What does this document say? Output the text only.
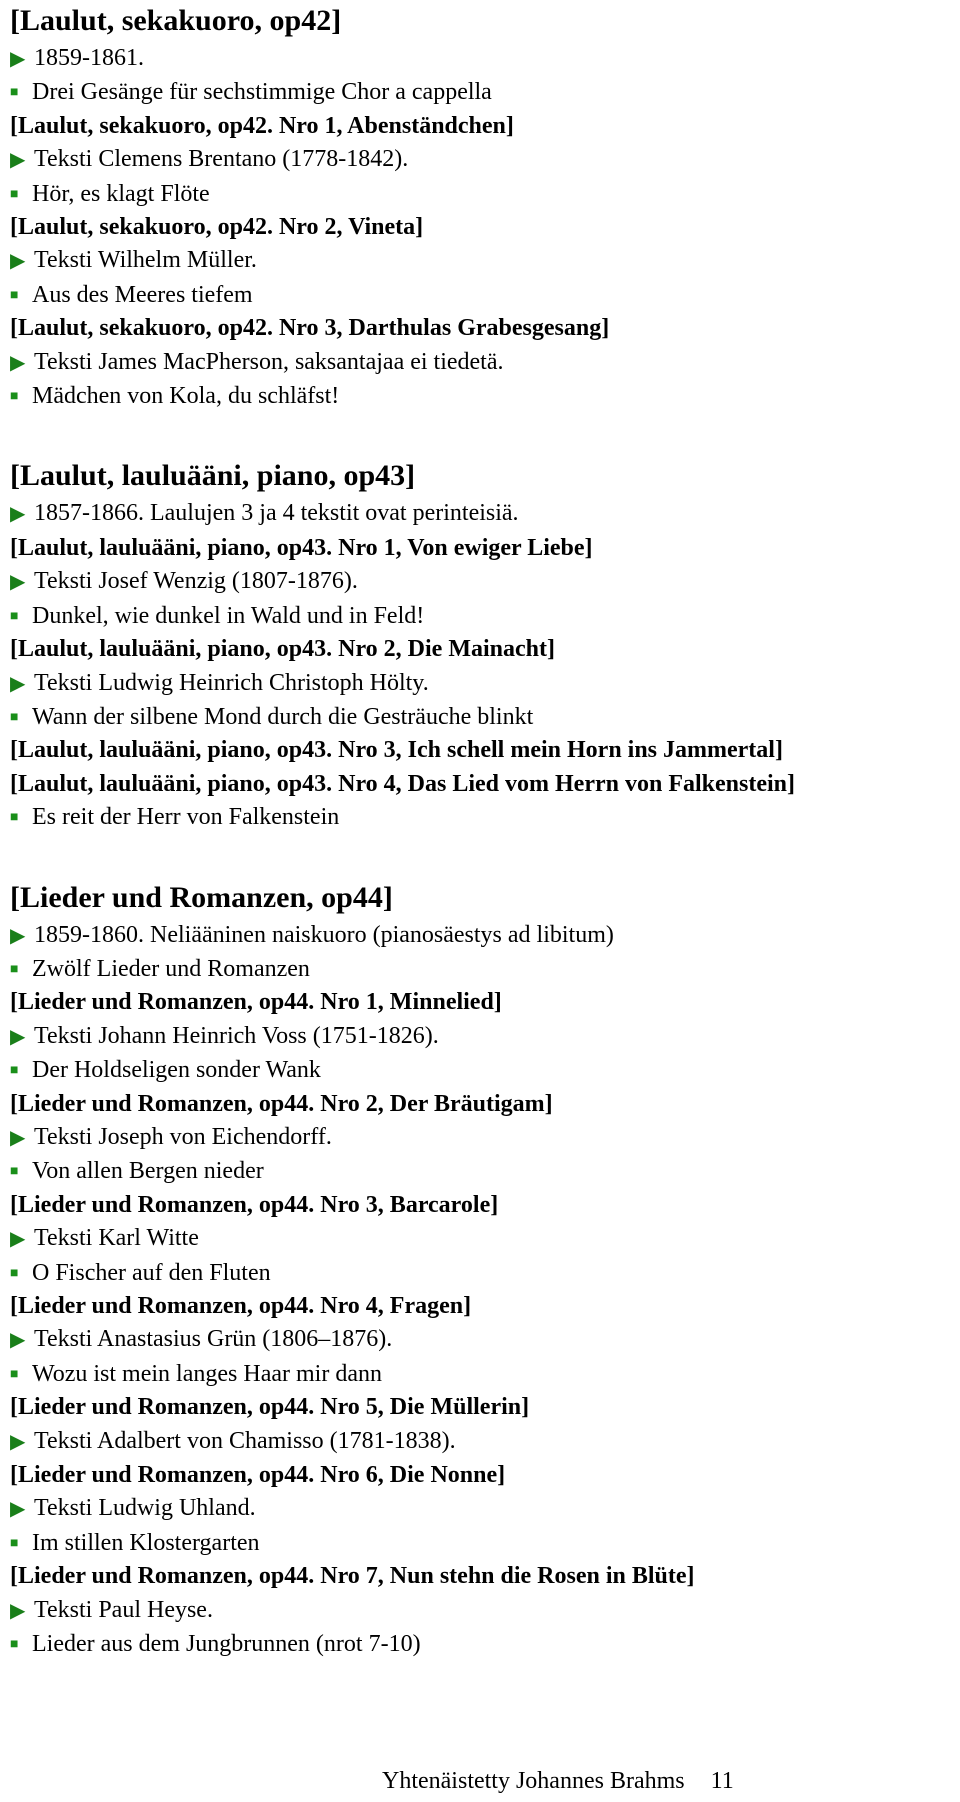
[Laulut, sekakuoro, op42]
▶ 1859-1861.
■ Drei Gesänge für sechstimmige Chor a cappella
[Laulut, sekakuoro, op42. Nro 1, Abenständchen]
▶ Teksti Clemens Brentano (1778-1842).
■ Hör, es klagt Flöte
[Laulut, sekakuoro, op42. Nro 2, Vineta]
▶ Teksti Wilhelm Müller.
■ Aus des Meeres tiefem
[Laulut, sekakuoro, op42. Nro 3, Darthulas Grabesgesang]
▶ Teksti James MacPherson, saksantajaa ei tiedetä.
■ Mädchen von Kola, du schläfst!
[Laulut, lauluääni, piano, op43]
▶ 1857-1866. Laulujen 3 ja 4 tekstit ovat perinteisiä.
[Laulut, lauluääni, piano, op43. Nro 1, Von ewiger Liebe]
▶ Teksti Josef Wenzig (1807-1876).
■ Dunkel, wie dunkel in Wald und in Feld!
[Laulut, lauluääni, piano, op43. Nro 2, Die Mainacht]
▶ Teksti Ludwig Heinrich Christoph Hölty.
■ Wann der silbene Mond durch die Gesträuche blinkt
[Laulut, lauluääni, piano, op43. Nro 3, Ich schell mein Horn ins Jammertal]
[Laulut, lauluääni, piano, op43. Nro 4, Das Lied vom Herrn von Falkenstein]
■ Es reit der Herr von Falkenstein
[Lieder und Romanzen, op44]
▶ 1859-1860. Neliääninen naiskuoro (pianosäestys ad libitum)
■ Zwölf Lieder und Romanzen
[Lieder und Romanzen, op44. Nro 1, Minnelied]
▶ Teksti Johann Heinrich Voss (1751-1826).
■ Der Holdseligen sonder Wank
[Lieder und Romanzen, op44. Nro 2, Der Bräutigam]
▶ Teksti Joseph von Eichendorff.
■ Von allen Bergen nieder
[Lieder und Romanzen, op44. Nro 3, Barcarole]
▶ Teksti Karl Witte
■ O Fischer auf den Fluten
[Lieder und Romanzen, op44. Nro 4, Fragen]
▶ Teksti Anastasius Grün (1806–1876).
■ Wozu ist mein langes Haar mir dann
[Lieder und Romanzen, op44. Nro 5, Die Müllerin]
▶ Teksti Adalbert von Chamisso (1781-1838).
[Lieder und Romanzen, op44. Nro 6, Die Nonne]
▶ Teksti Ludwig Uhland.
■ Im stillen Klostergarten
[Lieder und Romanzen, op44. Nro 7, Nun stehn die Rosen in Blüte]
▶ Teksti Paul Heyse.
■ Lieder aus dem Jungbrunnen (nrot 7-10)
Yhtenäistetty Johannes Brahms 11
